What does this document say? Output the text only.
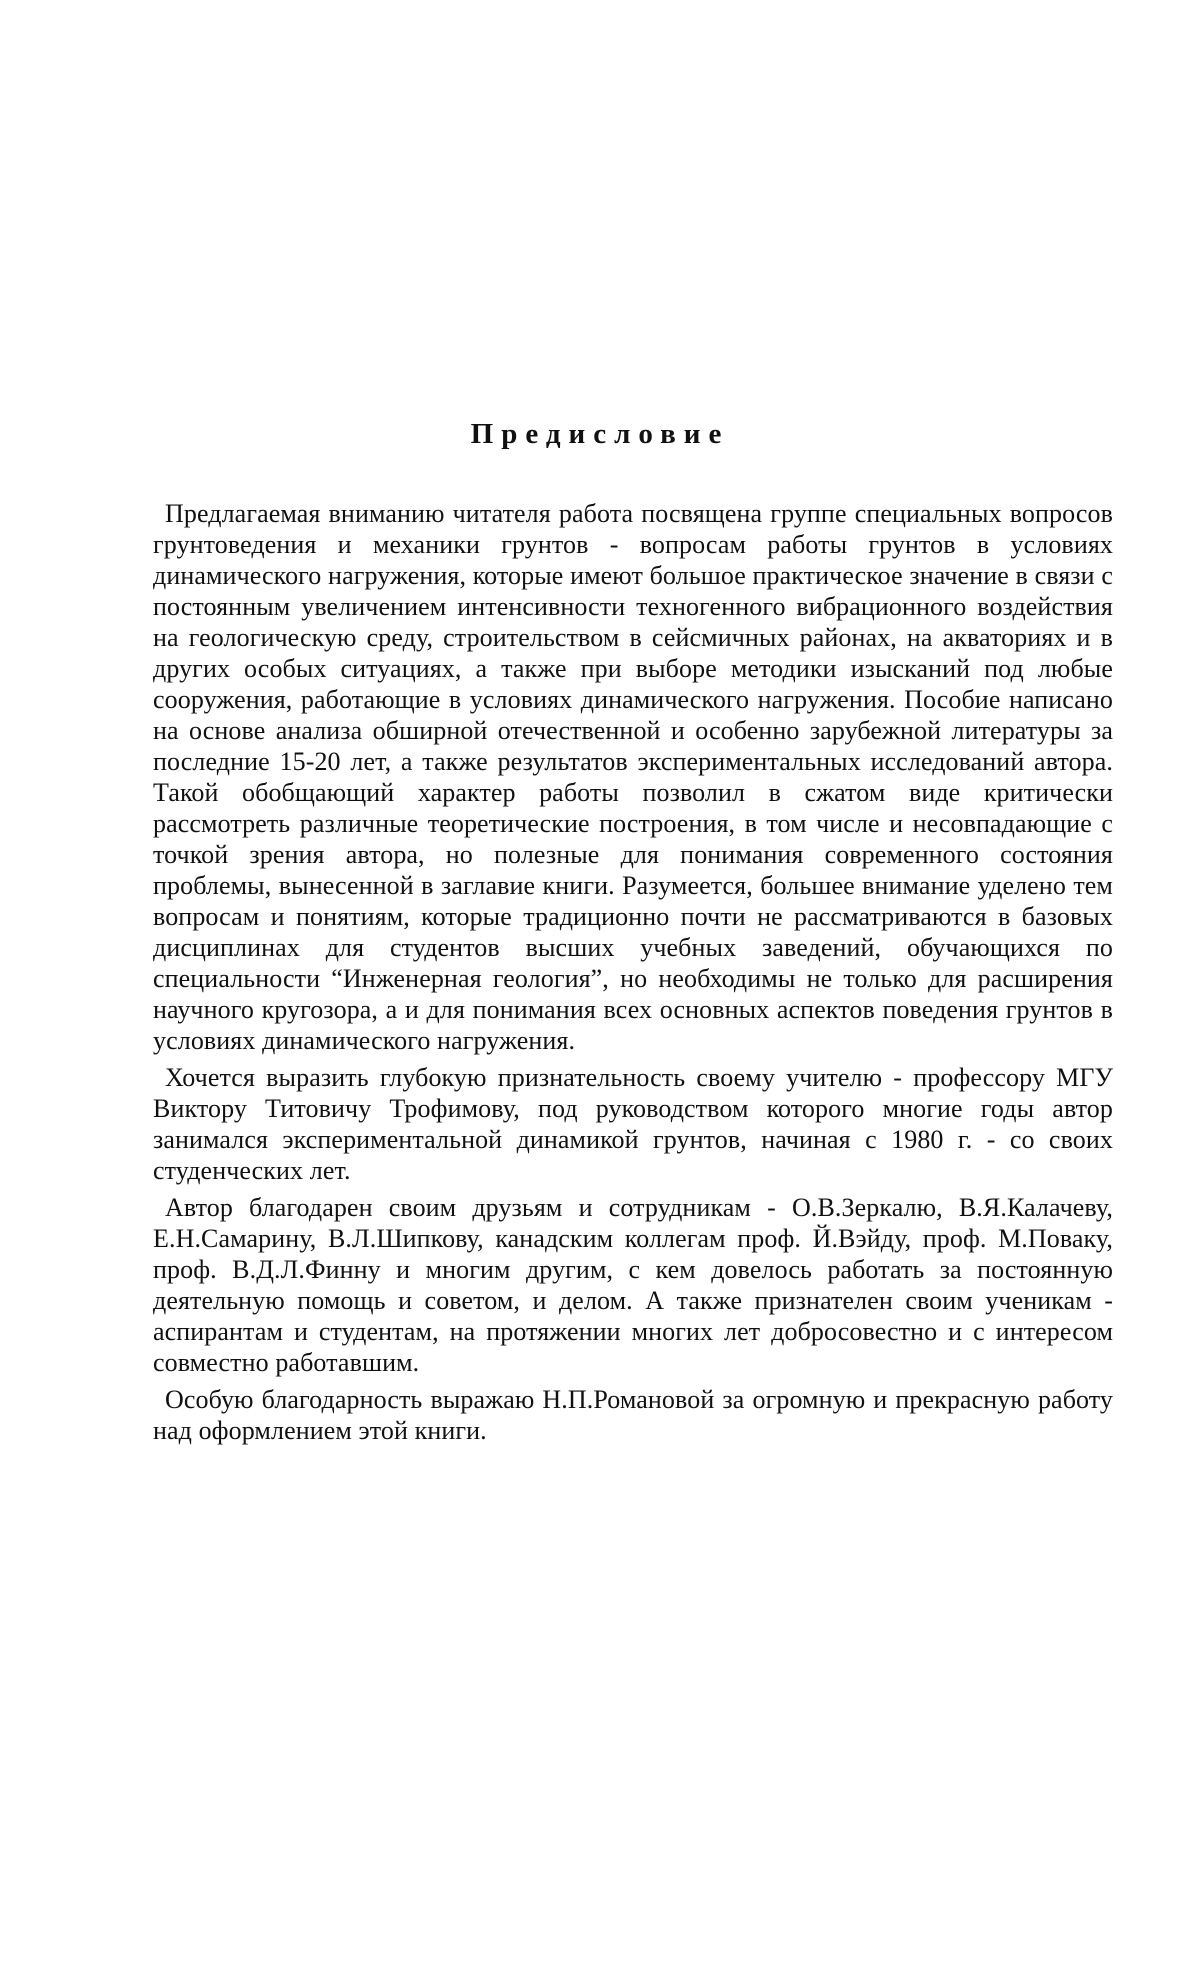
Предисловие

Предлагаемая вниманию читателя работа посвящена группе специальных вопросов грунтоведения и механики грунтов - вопросам работы грунтов в условиях динамического нагружения, которые имеют большое практическое значение в связи с постоянным увеличением интенсивности техногенного вибрационного воздействия на геологическую среду, строительством в сейсмичных районах, на акваториях и в других особых ситуациях, а также при выборе методики изысканий под любые сооружения, работающие в условиях динамического нагружения. Пособие написано на основе анализа обширной отечественной и особенно зарубежной литературы за последние 15-20 лет, а также результатов экспериментальных исследований автора. Такой обобщающий характер работы позволил в сжатом виде критически рассмотреть различные теоретические построения, в том числе и несовпадающие с точкой зрения автора, но полезные для понимания современного состояния проблемы, вынесенной в заглавие книги. Разумеется, большее внимание уделено тем вопросам и понятиям, которые традиционно почти не рассматриваются в базовых дисциплинах для студентов высших учебных заведений, обучающихся по специальности “Инженерная геология”, но необходимы не только для расширения научного кругозора, а и для понимания всех основных аспектов поведения грунтов в условиях динамического нагружения.

Хочется выразить глубокую признательность своему учителю - профессору МГУ Виктору Титовичу Трофимову, под руководством которого многие годы автор занимался экспериментальной динамикой грунтов, начиная с 1980 г. - со своих студенческих лет.

Автор благодарен своим друзьям и сотрудникам - О.В.Зеркалю, В.Я.Калачеву, Е.Н.Самарину, В.Л.Шипкову, канадским коллегам проф. Й.Вэйду, проф. М.Поваку, проф. В.Д.Л.Финну и многим другим, с кем довелось работать за постоянную деятельную помощь и советом, и делом. А также признателен своим ученикам - аспирантам и студентам, на протяжении многих лет добросовестно и с интересом совместно работавшим.

Особую благодарность выражаю Н.П.Романовой за огромную и прекрасную работу над оформлением этой книги.
